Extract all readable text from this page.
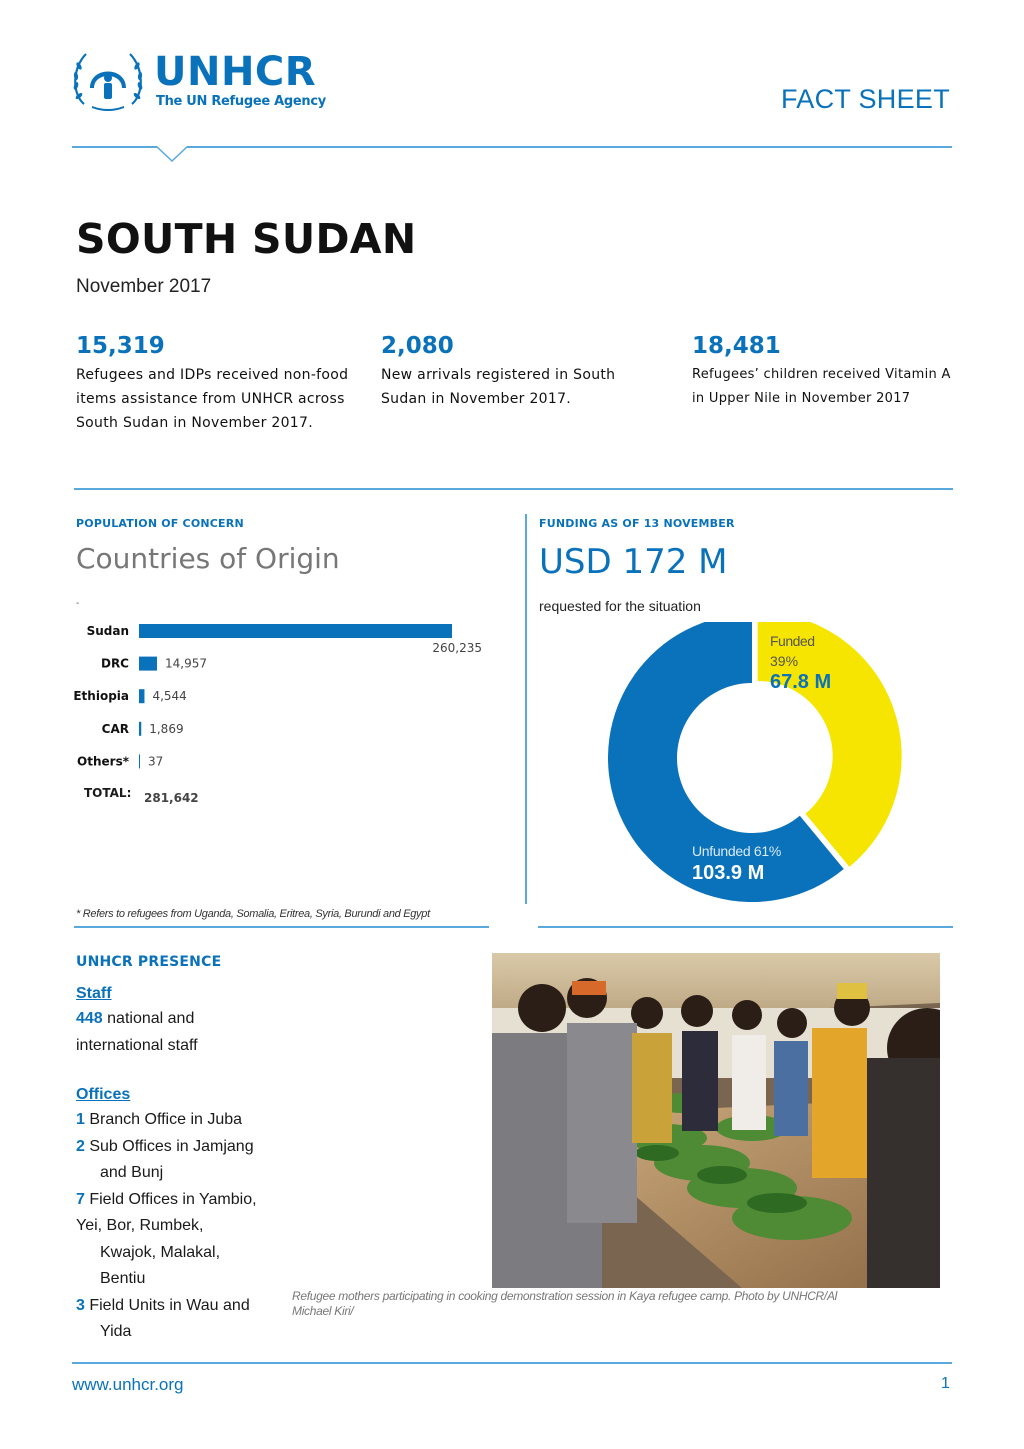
UNHCR
The UN Refugee Agency	FACT SHEET
SOUTH SUDAN
November 2017
15,319
Refugees and IDPs received non-food items assistance from UNHCR across South Sudan in November 2017.
2,080
New arrivals registered in South Sudan in November 2017.
18,481
Refugees’ children received Vitamin A in Upper Nile in November 2017
POPULATION OF CONCERN
Countries of Origin
-
Sudan
260,235
DRC	14,957
Ethiopia 4,544
CAR 1,869
Others* 37
TOTAL: 281,642
* Refers to refugees from Uganda, Somalia, Eritrea, Syria, Burundi and Egypt
FUNDING AS OF 13 NOVEMBER
USD 172 M
requested for the situation
Funded
39%
67.8 M
Unfunded 61%
103.9 M
UNHCR PRESENCE
Staff
448 national and
international staff
Offices
1 Branch Office in Juba
2 Sub Offices in Jamjang
and Bunj
7 Field Offices in Yambio,
Yei, Bor, Rumbek,
Kwajok, Malakal,
Bentiu
3 Field Units in Wau and
Yida
Refugee mothers participating in cooking demonstration session in Kaya refugee camp. Photo by UNHCR/Al
Michael Kiri/
www.unhcr.org	1
